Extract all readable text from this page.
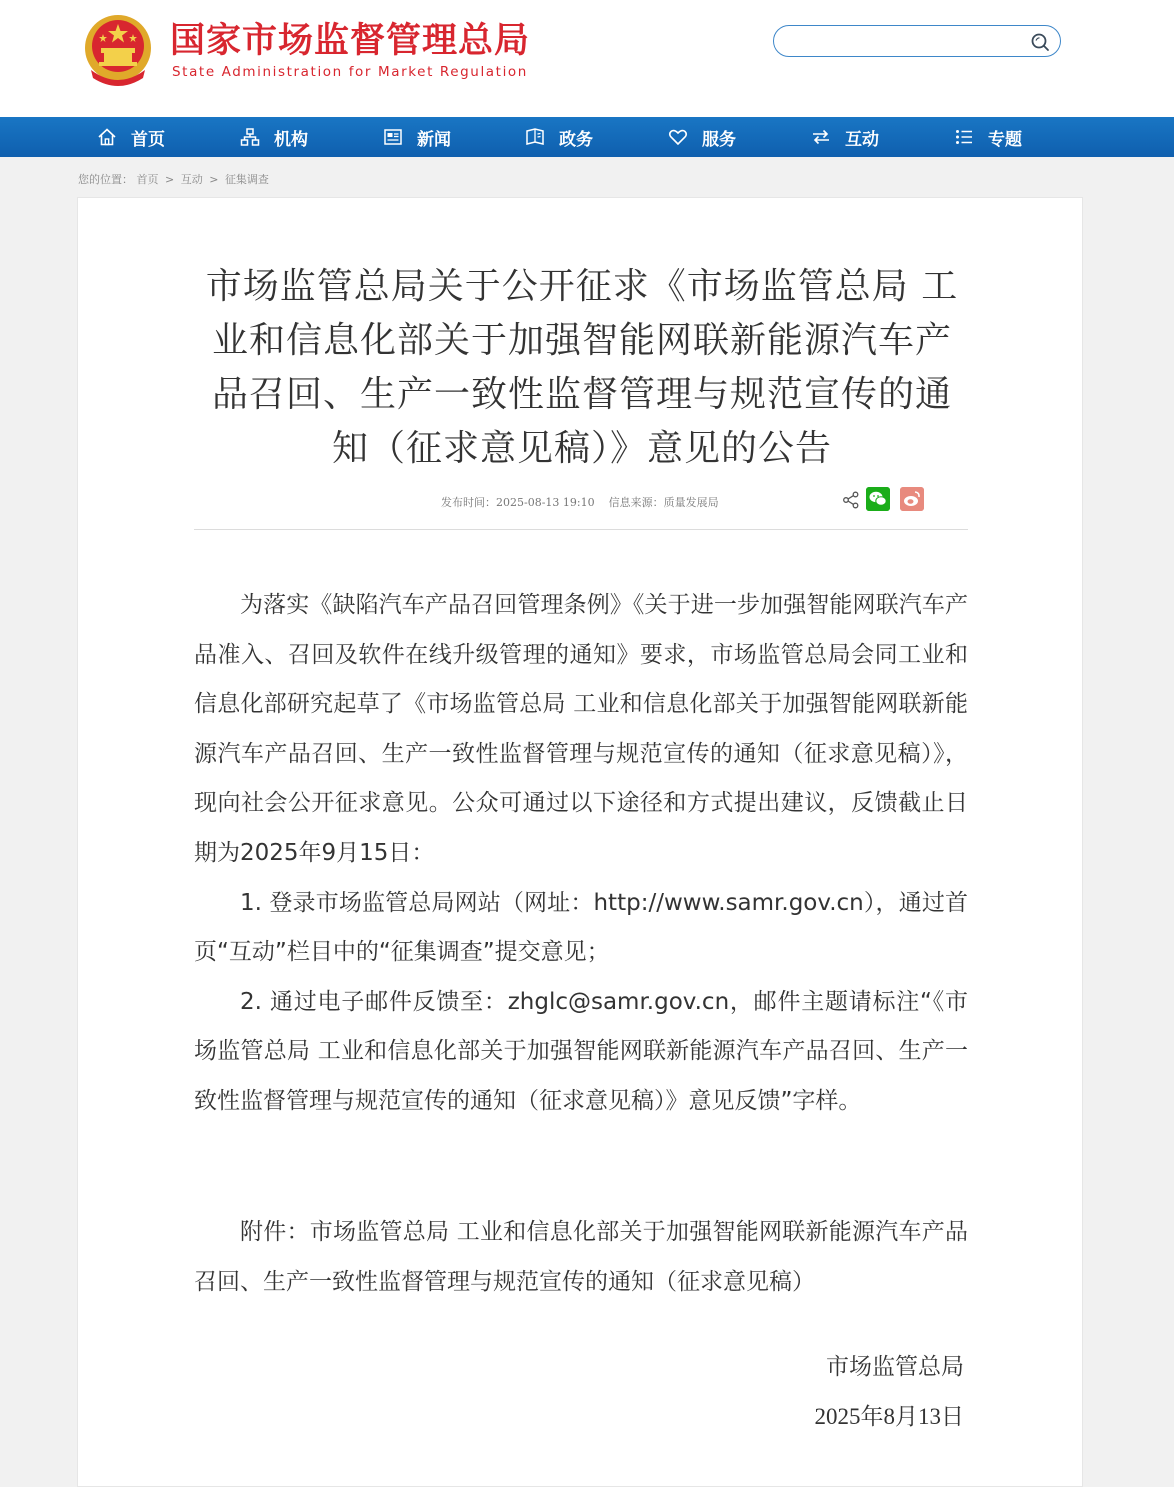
国家市场监督管理总局
State Administration for Market Regulation
首页	机构	新闻	政务	服务	互动	专题
您的位置： 首页 > 互动 > 征集调查
市场监管总局关于公开征求《市场监管总局 工业和信息化部关于加强智能网联新能源汽车产品召回、生产一致性监督管理与规范宣传的通知（征求意见稿）》意见的公告
发布时间：2025-08-13 19:10 信息来源：质量发展局

为落实《缺陷汽车产品召回管理条例》《关于进一步加强智能网联汽车产品准入、召回及软件在线升级管理的通知》要求，市场监管总局会同工业和信息化部研究起草了《市场监管总局 工业和信息化部关于加强智能网联新能源汽车产品召回、生产一致性监督管理与规范宣传的通知（征求意见稿）》，现向社会公开征求意见。公众可通过以下途径和方式提出建议，反馈截止日期为2025年9月15日：

1. 登录市场监管总局网站（网址：http://www.samr.gov.cn），通过首页“互动”栏目中的“征集调查”提交意见；

2. 通过电子邮件反馈至：zhglc@samr.gov.cn，邮件主题请标注“《市场监管总局 工业和信息化部关于加强智能网联新能源汽车产品召回、生产一致性监督管理与规范宣传的通知（征求意见稿）》意见反馈”字样。

附件：市场监管总局 工业和信息化部关于加强智能网联新能源汽车产品召回、生产一致性监督管理与规范宣传的通知（征求意见稿）

市场监管总局
2025年8月13日
